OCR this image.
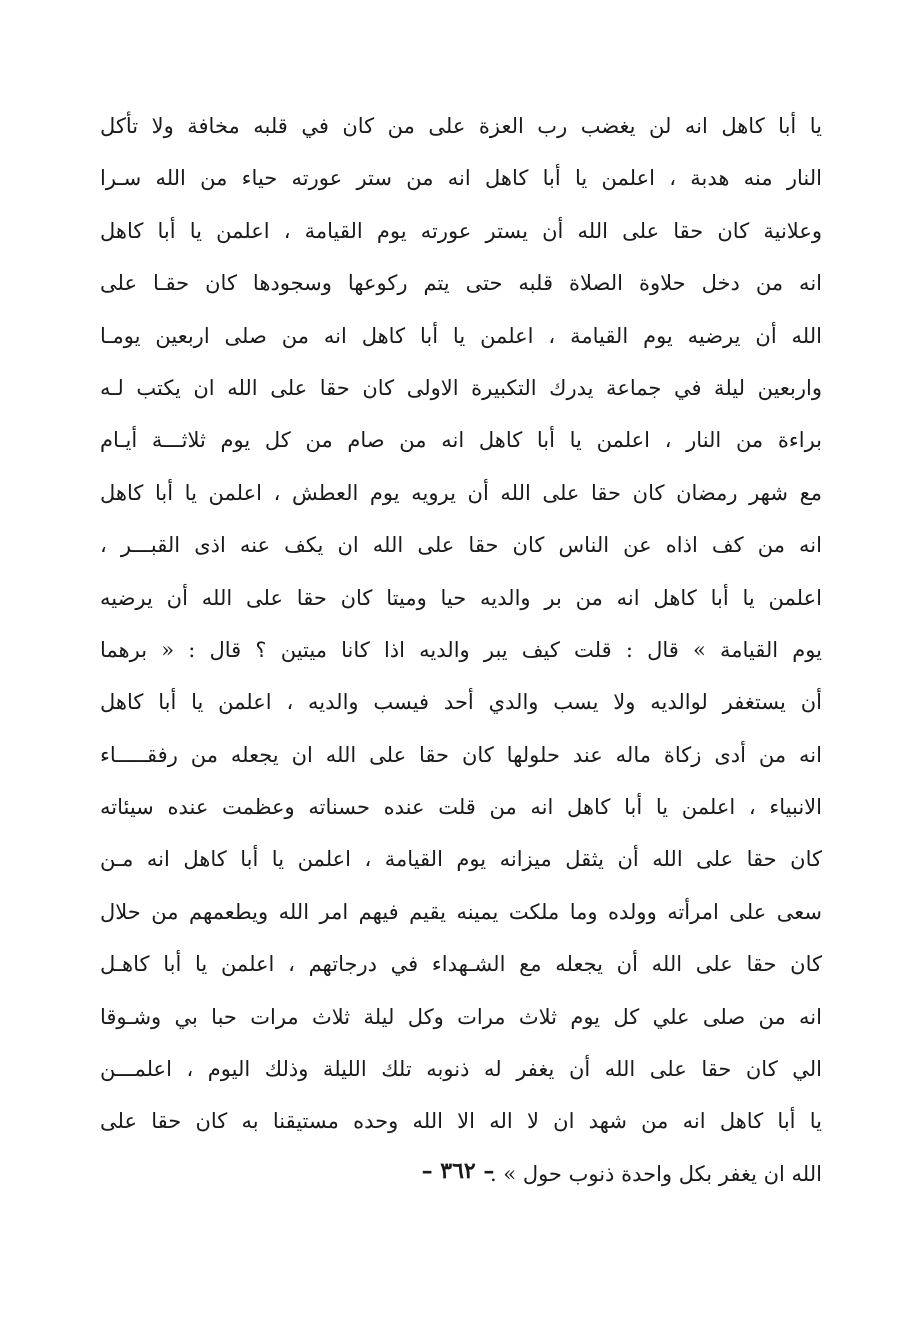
يا أبا كاهل انه لن يغضب رب العزة على من كان في قلبه مخافة ولا تأكل
النار منه هدبة ، اعلمن يا أبا كاهل انه من ستر عورته حياء من الله سـرا
وعلانية كان حقا على الله أن يستر عورته يوم القيامة ، اعلمن يا أبا كاهل
انه من دخل حلاوة الصلاة قلبه حتى يتم ركوعها وسجودها كان حقـا على
الله أن يرضيه يوم القيامة ، اعلمن يا أبا كاهل انه من صلى اربعين يومـا
واربعين ليلة في جماعة يدرك التكبيرة الاولى كان حقا على الله ان يكتب لـه
براءة من النار ، اعلمن يا أبا كاهل انه من صام من كل يوم ثلاثـــة أيـام
مع شهر رمضان كان حقا على الله أن يرويه يوم العطش ، اعلمن يا أبا كاهل
انه من كف اذاه عن الناس كان حقا على الله ان يكف عنه اذى القبـــر ،
اعلمن يا أبا كاهل انه من بر والديه حيا وميتا كان حقا على الله أن يرضيه
يوم القيامة » قال : قلت كيف يبر والديه اذا كانا ميتين ؟ قال : « برهما
أن يستغفر لوالديه ولا يسب والدي أحد فيسب والديه ، اعلمن يا أبا كاهل
انه من أدى زكاة ماله عند حلولها كان حقا على الله ان يجعله من رفقـــــاء
الانبياء ، اعلمن يا أبا كاهل انه من قلت عنده حسناته وعظمت عنده سيئاته
كان حقا على الله أن يثقل ميزانه يوم القيامة ، اعلمن يا أبا كاهل انه مـن
سعى على امرأته وولده وما ملكت يمينه يقيم فيهم امر الله ويطعمهم من حلال
كان حقا على الله أن يجعله مع الشـهداء في درجاتهم ، اعلمن يا أبا كاهـل
انه من صلى علي كل يوم ثلاث مرات وكل ليلة ثلاث مرات حبا بي وشـوقا
الي كان حقا على الله أن يغفر له ذنوبه تلك الليلة وذلك اليوم ، اعلمـــن
يا أبا كاهل انه من شهد ان لا اله الا الله وحده مستيقنا به كان حقا على
الله ان يغفر بكل واحدة ذنوب حول » .
– ٣٦٢ –
